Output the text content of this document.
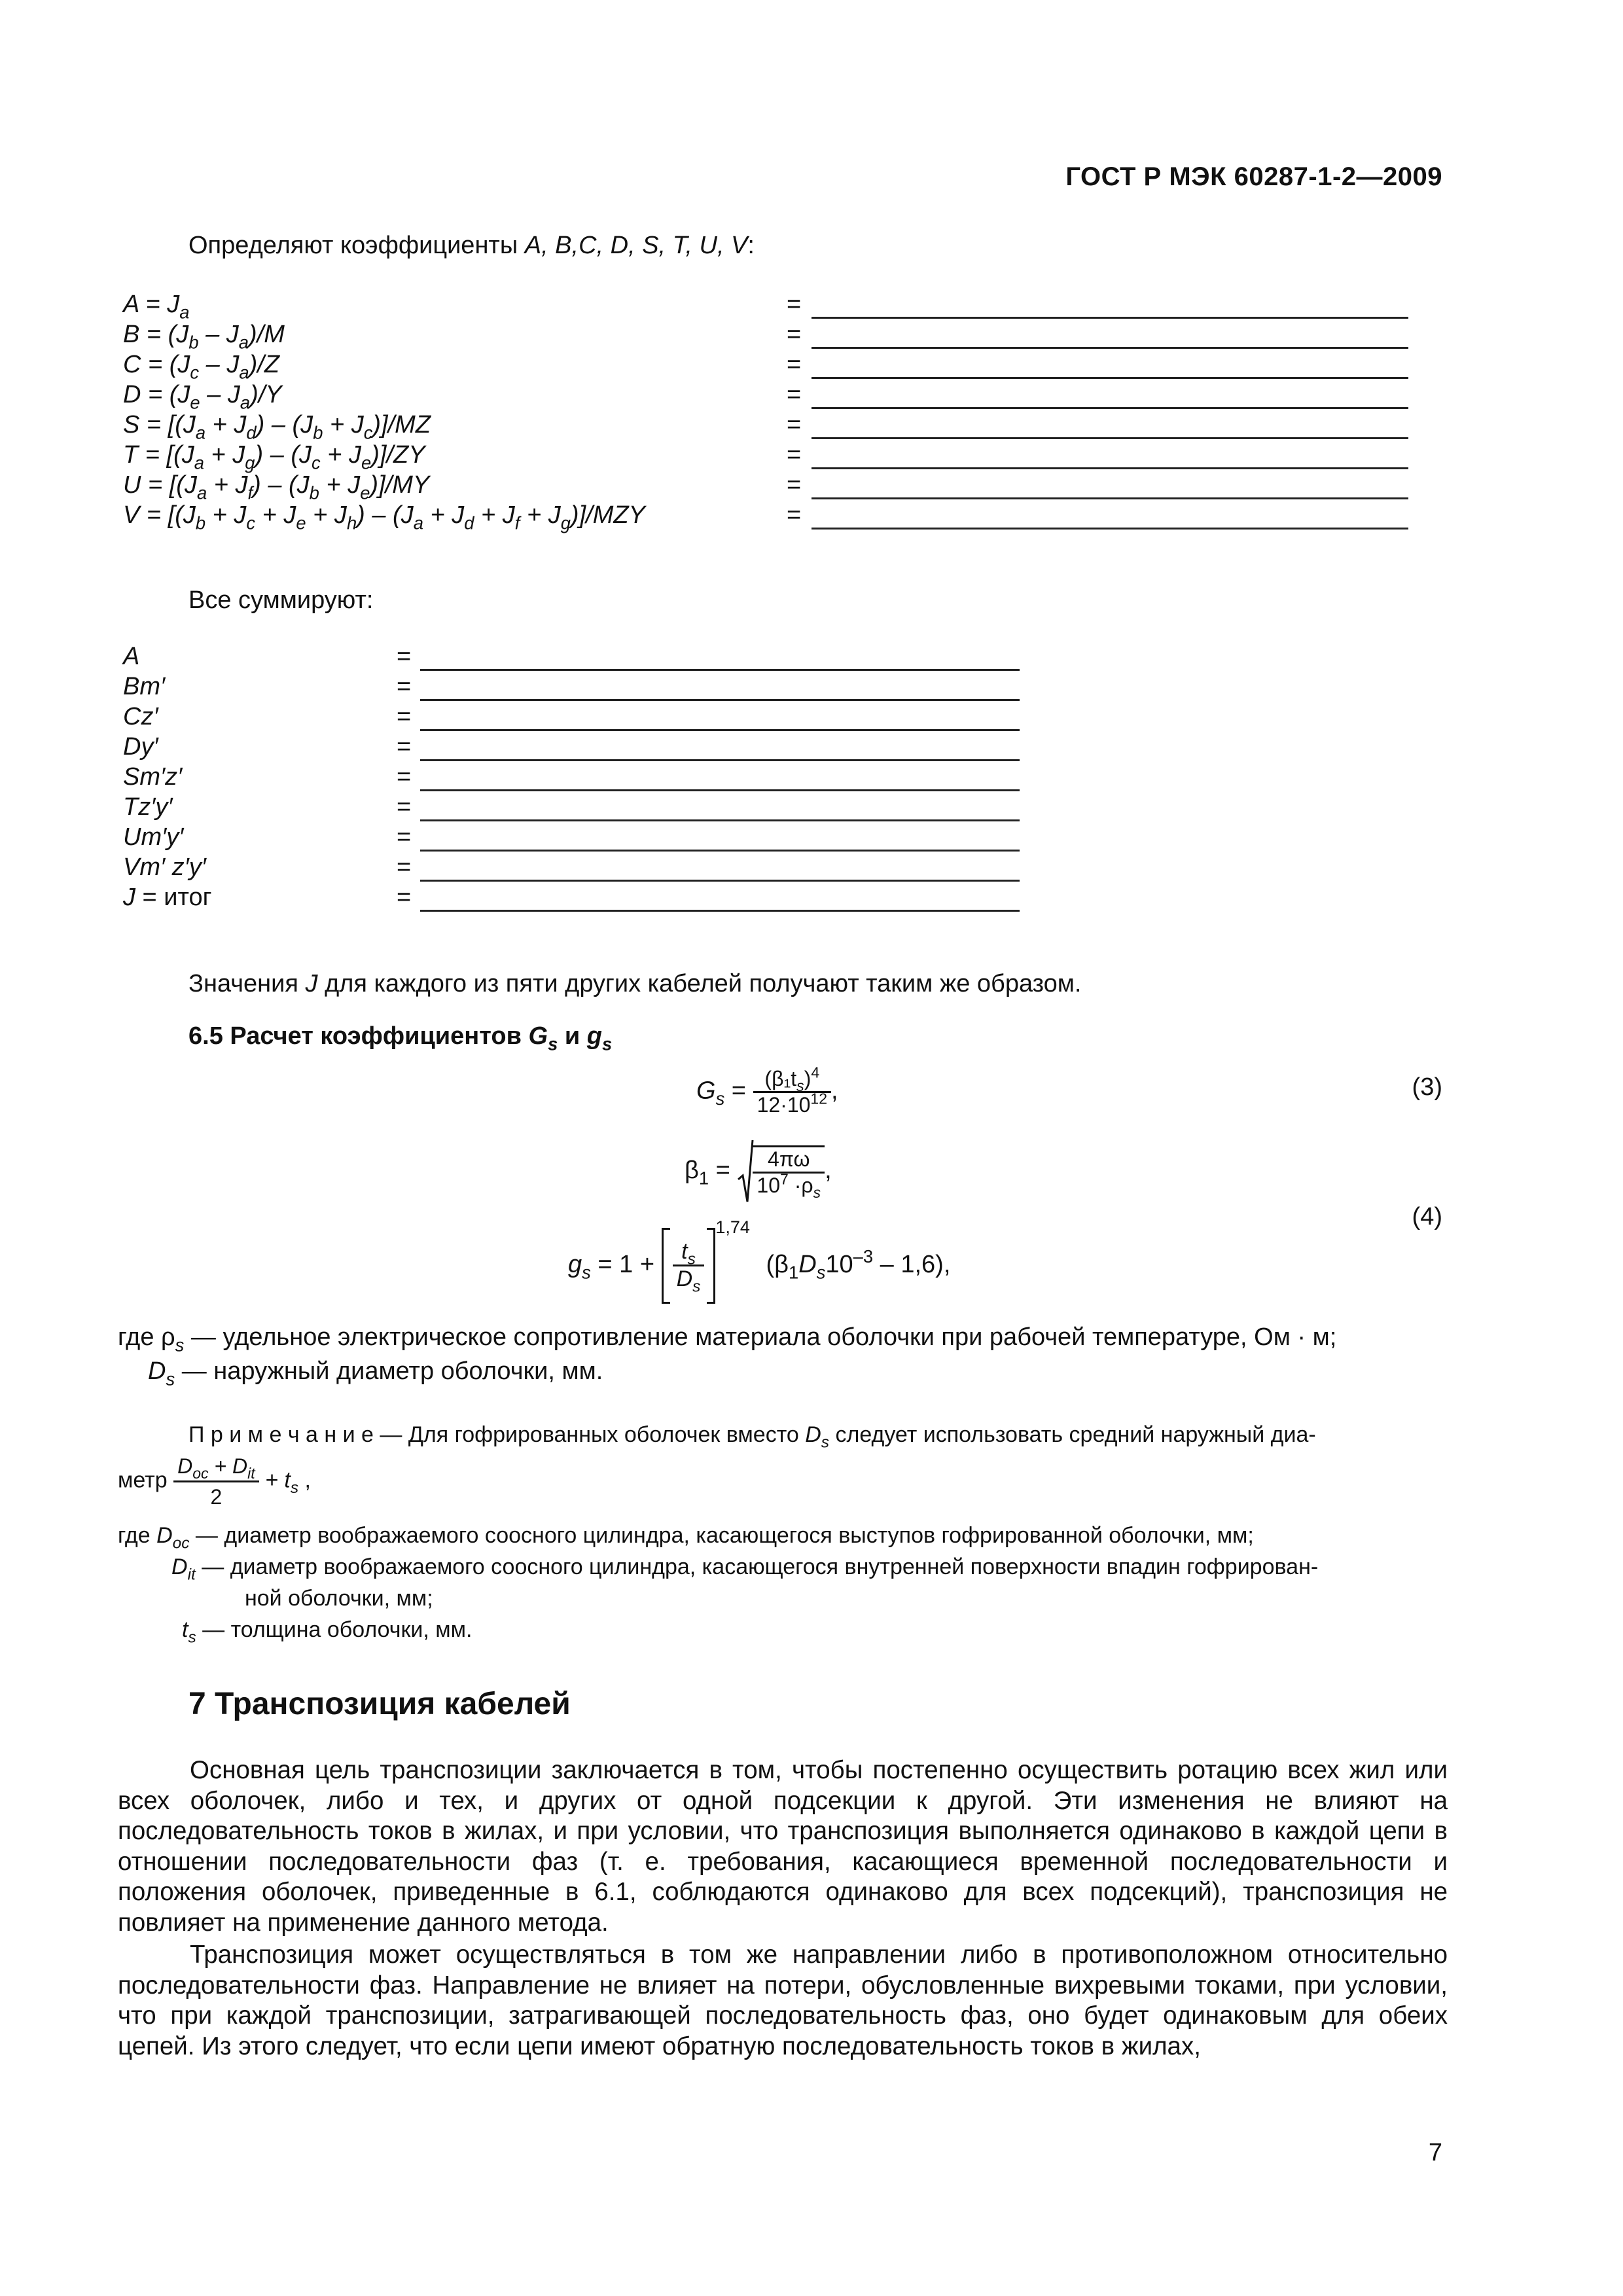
ГОСТ Р МЭК 60287-1-2—2009
Определяют коэффициенты A, B,C, D, S, T, U, V:
$A = J_a$
$B = (J_b - J_a)/M$
$C = (J_c - J_a)/Z$
$D = (J_e - J_a)/Y$
$S = [(J_a + J_d) - (J_b + J_c)]/MZ$
$T = [(J_a + J_g) - (J_c + J_e)]/ZY$
$U = [(J_a + J_f) - (J_b + J_e)]/MY$
$V = [(J_b + J_c + J_e + J_h) - (J_a + J_d + J_f + J_g)]/MZY$
=
=
=
=
=
=
=
=
Все суммируют:
A
Bm′
Cz′
Dy′
Sm′z′
Tz′y′
Um′y′
Vm′ z′y′
J = итог
=
=
=
=
=
=
=
=
=
Значения J для каждого из пяти других кабелей получают таким же образом.
6.5 Расчет коэффициентов $G_s$ и $g_s$
$G_s = \frac{(\beta_1t_s)^4}{12\cdot 10^{12}}$ ,	(3)
$\beta_1 = \frac{4\pi\omega}{10^7 \cdot\rho_s}$ ,
$g_s = 1 + \frac{t_s}{D_s}$
$^{1,74}$ $(\beta_1D_s10^{-3} - 1,6)$,
(4)
где $\rho_s$ — удельное электрическое сопротивление материала оболочки при рабочей температуре, Ом · м;
$D_s$ — наружный диаметр оболочки, мм.
П р и м е ч а н и е — Для гофрированных оболочек вместо $D_s$ следует использовать средний наружный диа-
метр
$D_{oc} + D_{it}$
2
+ $t_s$ ,
где $D_{oc}$ — диаметр воображаемого соосного цилиндра, касающегося выступов гофрированной оболочки, мм;
$D_{it}$ — диаметр воображаемого соосного цилиндра, касающегося внутренней поверхности впадин гофрирован-
ной оболочки, мм;
$t_s$ — толщина оболочки, мм.
7 Транспозиция кабелей
Основная цель транспозиции заключается в том, чтобы постепенно осуществить ротацию всех жил или всех оболочек, либо и тех, и других от одной подсекции к другой. Эти изменения не влияют на последовательность токов в жилах, и при условии, что транспозиция выполняется одинаково в каждой цепи в отношении последовательности фаз (т. е. требования, касающиеся временной последовательности и положения оболочек, приведенные в 6.1, соблюдаются одинаково для всех подсекций), транспозиция не повлияет на применение данного метода.
Транспозиция может осуществляться в том же направлении либо в противоположном относительно последовательности фаз. Направление не влияет на потери, обусловленные вихревыми токами, при условии, что при каждой транспозиции, затрагивающей последовательность фаз, оно будет одинаковым для обеих цепей. Из этого следует, что если цепи имеют обратную последовательность токов в жилах,
7
